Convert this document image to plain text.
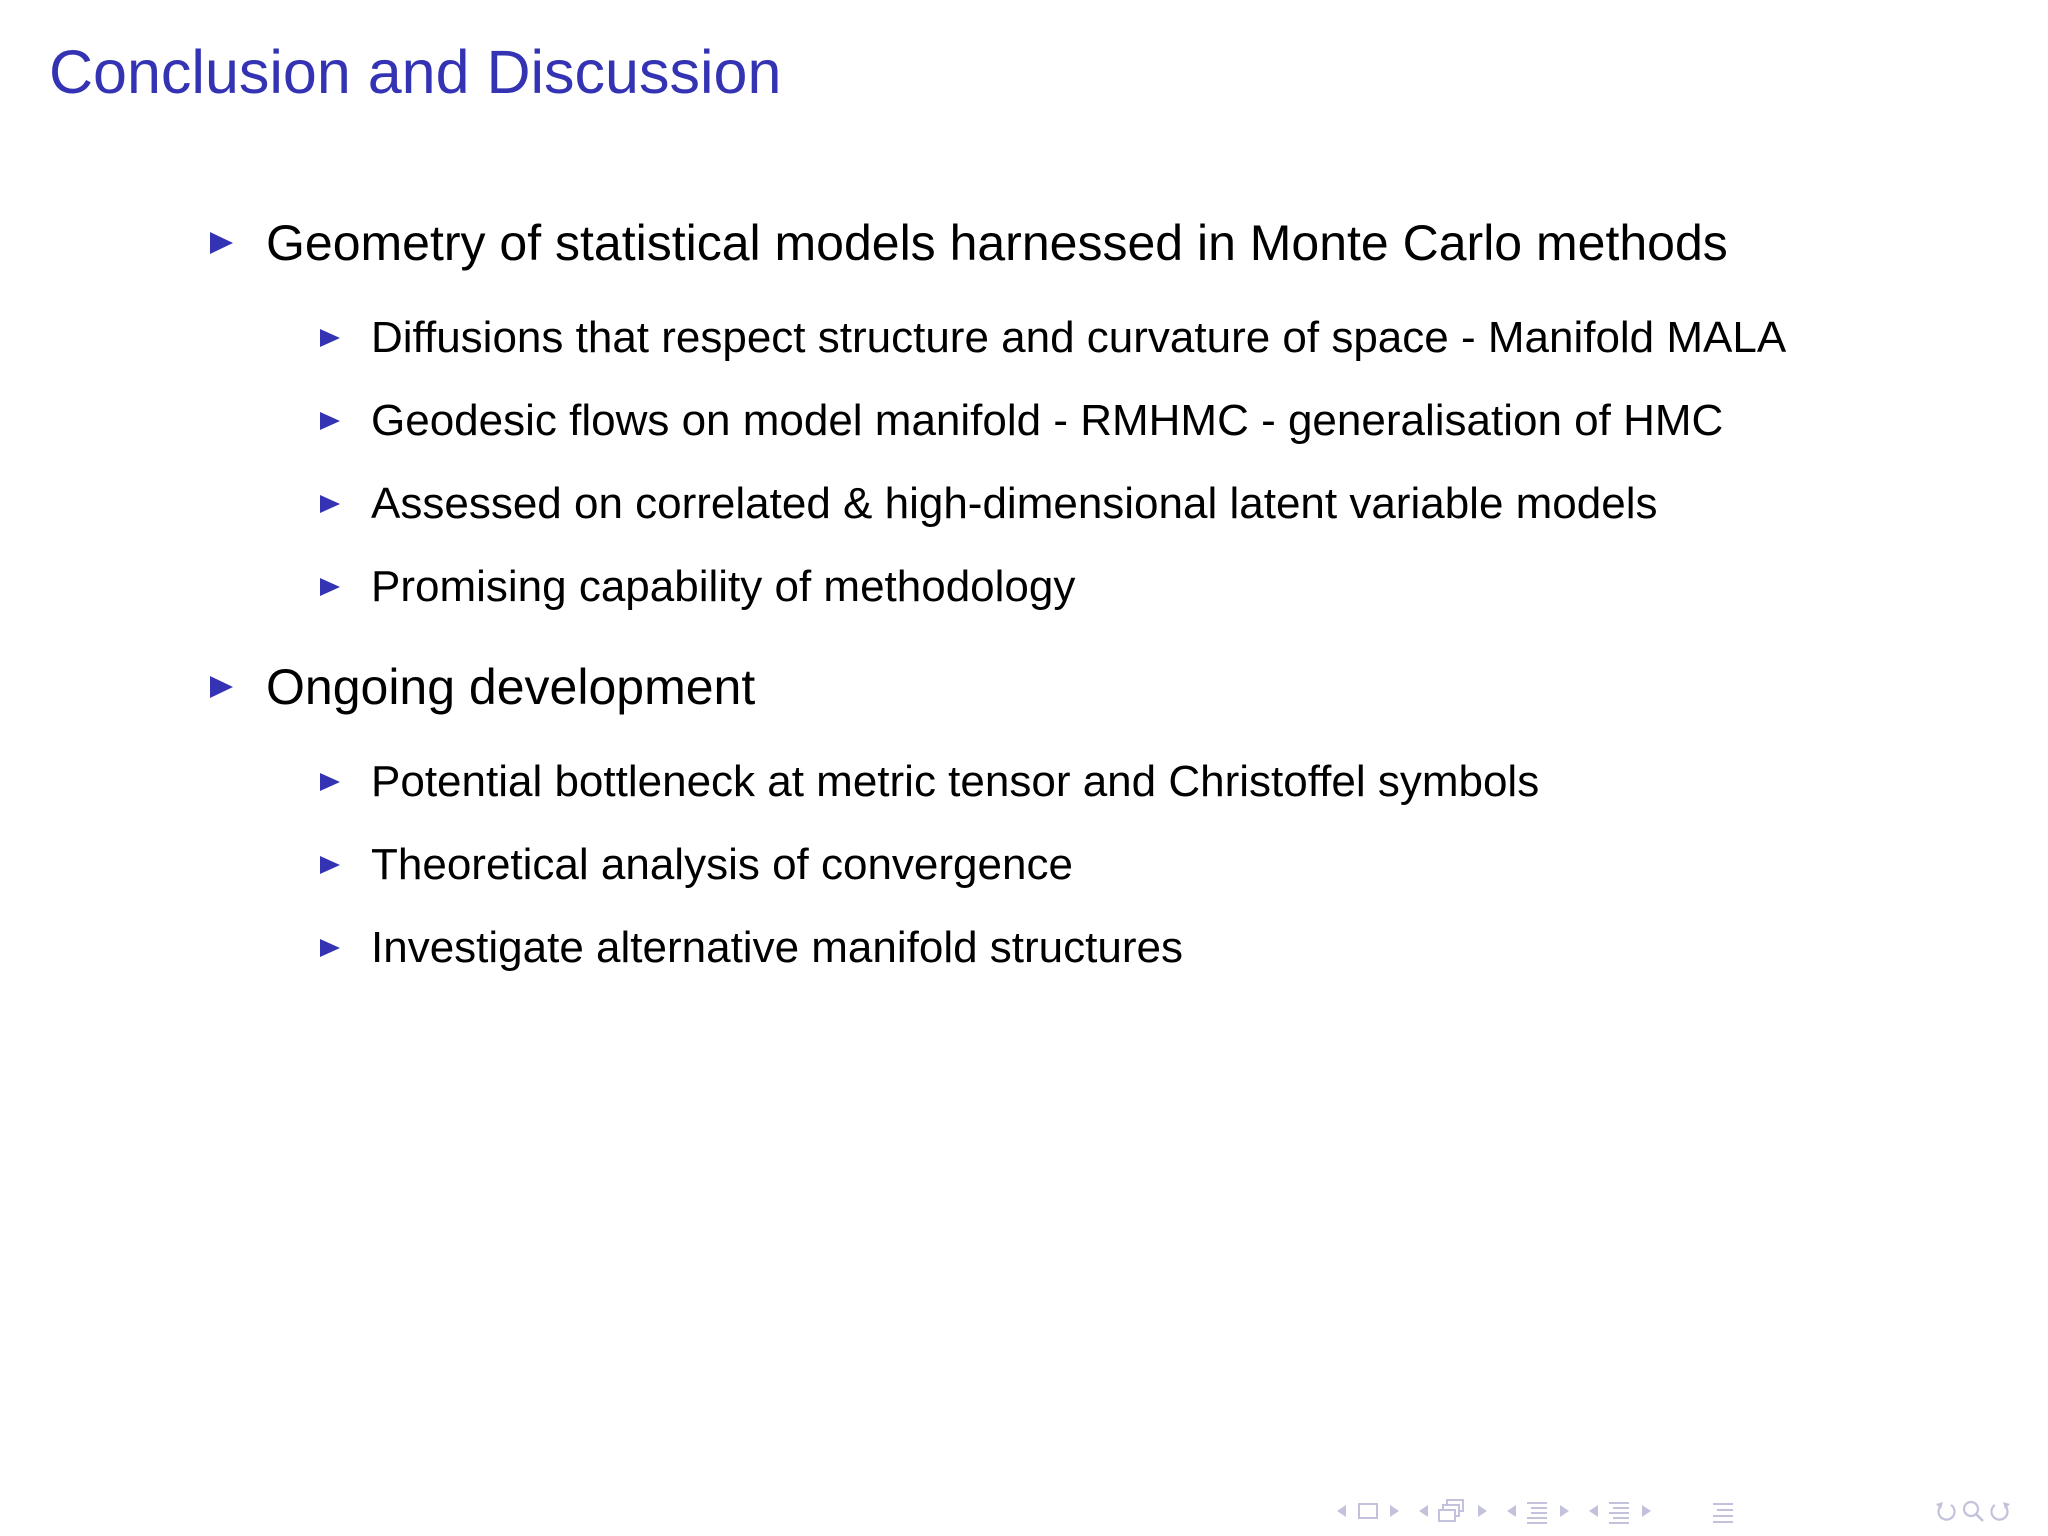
Conclusion and Discussion
Geometry of statistical models harnessed in Monte Carlo methods
Diffusions that respect structure and curvature of space - Manifold MALA
Geodesic flows on model manifold - RMHMC - generalisation of HMC
Assessed on correlated & high-dimensional latent variable models
Promising capability of methodology
Ongoing development
Potential bottleneck at metric tensor and Christoffel symbols
Theoretical analysis of convergence
Investigate alternative manifold structures
